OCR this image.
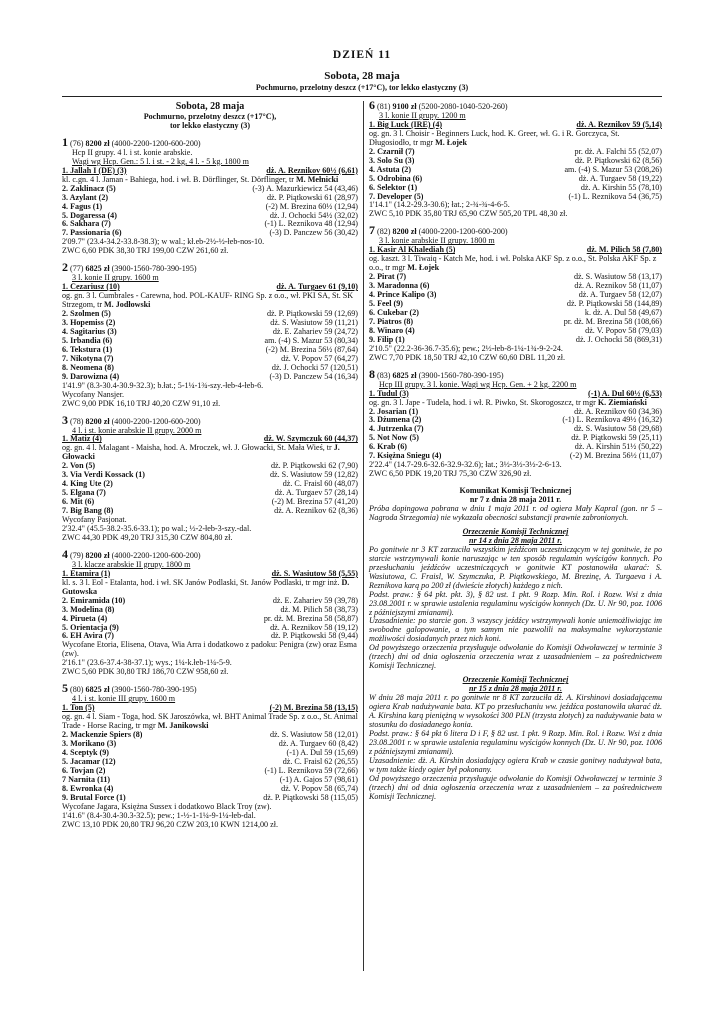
DZIEŃ 11
Sobota, 28 maja
Pochmurno, przelotny deszcz (+17°C), tor lekko elastyczny (3)
Sobota, 28 maja
Pochmurno, przelotny deszcz (+17°C),
tor lekko elastyczny (3)
1 (76) 8200 zł (4000-2200-1200-600-200)
Hcp II grupy. 4 l. i st. konie arabskie.
Wagi wg Hcp. Gen.: 5 l. i st. - 2 kg, 4 l. - 5 kg. 1800 m
1. Jallah I (DE) (3)	dż. A. Reznikov 60½ (6,61)
kl. c.gn. 4 l. Jaman - Bahiega, hod. i wł. B. Dörflinger, St. Dörflinger, tr M. Mełnicki
2. Zaklinacz (5)	(-3) A. Mazurkiewicz 54 (43,46)
3. Azylant (2)	dż. P. Piątkowski 61 (28,97)
4. Fagus (1)	(-2) M. Brezina 60½ (12,94)
5. Dogaressa (4)	dż. J. Ochocki 54½ (32,02)
6. Sakhara (7)	(-1) L. Reznikova 48 (12,94)
7. Passionaria (6)	(-3) D. Panczew 56 (30,42)
2'09.7" (23.4-34.2-33.8-38.3); w wal.; kł.eb-2½-½-łeb-nos-10.
ZWC 6,60 PDK 38,30 TRJ 199,00 CZW 261,60 zł.
2 (77) 6825 zł (3900-1560-780-390-195)
3 l. konie II grupy. 1600 m
1. Cezariusz (10)	dż. A. Turgaev 61 (9,10)
og. gn. 3 l. Cumbrales - Carewna, hod. POL-KAUF- RING Sp. z o.o., wł. PKI SA, St. SK Strzegom, tr M. Jodłowski
2. Szolmen (5)	dż. P. Piątkowski 59 (12,69)
3. Hopemiss (2)	dż. S. Wasiutow 59 (11,21)
4. Sagitarius (3)	dż. E. Zahariev 59 (24,72)
5. Irbandia (6)	am. (-4) S. Mazur 53 (80,34)
6. Tekstura (1)	(-2) M. Brezina 56½ (87,64)
7. Nikotyna (7)	dż. V. Popov 57 (64,27)
8. Neomena (8)	dż. J. Ochocki 57 (120,51)
9. Darowizna (4)	(-3) D. Panczew 54 (16,34)
1'41.9" (8.3-30.4-30.9-32.3); b.łat.; 5-1¼-1¾-szy.-łeb-4-łeb-6.
Wycofany Nansjer.
ZWC 9,00 PDK 16,10 TRJ 40,20 CZW 91,10 zł.
3 (78) 8200 zł (4000-2200-1200-600-200)
4 l. i st. konie arabskie II grupy. 2000 m
1. Matiz (4)	dż. W. Szymczuk 60 (44,37)
og. gn. 4 l. Malagant - Maisha, hod. A. Mroczek, wł. J. Głowacki, St. Mała Wieś, tr J. Głowacki
2. Von (5)	dż. P. Piątkowski 62 (7,90)
3. Via Verdi Kossack (1)	dż. S. Wasiutow 59 (12,82)
4. King Ute (2)	dż. C. Fraisl 60 (48,07)
5. Elgana (7)	dż. A. Turgaev 57 (28,14)
6. Mit (6)	(-2) M. Brezina 57 (41,20)
7. Big Bang (8)	dż. A. Reznikov 62 (8,36)
Wycofany Pasjonat.
2'32.4" (45.5-38.2-35.6-33.1); po wal.; ½-2-łeb-3-szy.-dal.
ZWC 44,30 PDK 49,20 TRJ 315,30 CZW 804,80 zł.
4 (79) 8200 zł (4000-2200-1200-600-200)
3 l. klacze arabskie II grupy. 1800 m
1. Etamira (1)	dż. S. Wasiutow 58 (5,55)
kl. s. 3 l. Eol - Etalanta, hod. i wł. SK Janów Podlaski, St. Janów Podlaski, tr mgr inż. D. Gutowska
2. Emiramida (10)	dż. E. Zahariev 59 (39,78)
3. Modelina (8)	dż. M. Pilich 58 (38,73)
4. Pirueta (4)	pr. dż. M. Brezina 58 (58,87)
5. Orientacja (9)	dż. A. Reznikov 58 (19,12)
6. EH Avira (7)	dż. P. Piątkowski 58 (9,44)
Wycofane Etoria, Elisena, Otava, Wia Arra i dodatkowo z padoku: Penigra (zw) oraz Esma (zw).
2'16.1" (23.6-37.4-38-37.1); wys.; 1¼-k.łeb-1¼-5-9.
ZWC 5,60 PDK 30,80 TRJ 186,70 CZW 958,60 zł.
5 (80) 6825 zł (3900-1560-780-390-195)
4 l. i st. konie III grupy. 1600 m
1. Ton (5)	(-2) M. Brezina 58 (13,15)
og. gn. 4 l. Siam - Toga, hod. SK Jaroszówka, wł. BHT Animal Trade Sp. z o.o., St. Animal Trade - Horse Racing, tr mgr M. Janikowski
2. Mackenzie Spiers (8)	dż. S. Wasiutow 58 (12,01)
3. Morikano (3)	dż. A. Turgaev 60 (8,42)
4. Sceptyk (9)	(-1) A. Dul 59 (15,69)
5. Jacamar (12)	dż. C. Fraisl 62 (26,55)
6. Tovjan (2)	(-1) L. Reznikova 59 (72,66)
7 Narnita (11)	(-1) A. Gajos 57 (98,61)
8. Ewronka (4)	dż. V. Popov 58 (65,74)
9. Brutal Force (1)	dż. P. Piątkowski 58 (115,05)
Wycofane Jagara, Księżna Sussex i dodatkowo Black Troy (zw).
1'41.6" (8.4-30.4-30.3-32.5); pew.; 1-½-1-1¼-9-1¼-łeb-dal.
ZWC 13,10 PDK 20,80 TRJ 96,20 CZW 203,10 KWN 1214,00 zł.
6 (81) 9100 zł (5200-2080-1040-520-260)
3 l. konie II grupy. 1200 m
1. Big Luck (IRE) (4)	dż. A. Reznikov 59 (5,14)
og. gn. 3 l. Choisir - Beginners Luck, hod. K. Greer, wł. G. i R. Gorczyca, St. Długosiodło, tr mgr M. Łojek
2. Czarnił (7)	pr. dż. A. Falchi 55 (52,07)
3. Solo Su (3)	dż. P. Piątkowski 62 (8,56)
4. Astuta (2)	am. (-4) S. Mazur 53 (208,26)
5. Odrobina (6)	dż. A. Turgaev 58 (19,22)
6. Selektor (1)	dż. A. Kirshin 55 (78,10)
7. Developer (5)	(-1) L. Reznikova 54 (36,75)
1'14.1" (14.2-29.3-30.6); łat.; 2-¾-¾-4-6-5.
ZWC 5,10 PDK 35,80 TRJ 65,90 CZW 505,20 TPL 48,30 zł.
7 (82) 8200 zł (4000-2200-1200-600-200)
3 l. konie arabskie II grupy. 1800 m
1. Kasir Al Khalediah (5)	dż. M. Pilich 58 (7,80)
og. kaszt. 3 l. Tiwaiq - Katch Me, hod. i wł. Polska AKF Sp. z o.o., St. Polska AKF Sp. z o.o., tr mgr M. Łojek
2. Pirat (7)	dż. S. Wasiutow 58 (13,17)
3. Maradonna (6)	dż. A. Reznikov 58 (11,07)
4. Prince Kalipo (3)	dż. A. Turgaev 58 (12,07)
5. Feel (9)	dż. P. Piątkowski 58 (144,89)
6. Cukebar (2)	k. dż. A. Dul 58 (49,67)
7. Piatros (8)	pr. dż. M. Brezina 58 (108,66)
8. Winaro (4)	dż. V. Popov 58 (79,03)
9. Filip (1)	dż. J. Ochocki 58 (869,31)
2'10.5" (22.2-36-36.7-35.6); pew.; 2½-łeb-8-1¼-1¾-9-2-24.
ZWC 7,70 PDK 18,50 TRJ 42,10 CZW 60,60 DBL 11,20 zł.
8 (83) 6825 zł (3900-1560-780-390-195)
Hcp III grupy. 3 l. konie. Wagi wg Hcp. Gen. + 2 kg. 2200 m
1. Tudul (3)	(-1) A. Dul 60½ (6,53)
og. gn. 3 l. Jape - Tudela, hod. i wł. R. Piwko, St. Skorogoszcz, tr mgr K. Ziemiański
2. Josarian (1)	dż. A. Reznikov 60 (34,36)
3. Dżumena (2)	(-1) L. Reznikova 49½ (16,32)
4. Jutrzenka (7)	dż. S. Wasiutow 58 (29,68)
5. Not Now (5)	dż. P. Piątkowski 59 (25,11)
6. Krab (6)	dż. A. Kirshin 51½ (50,22)
7. Księżna Śniegu (4)	(-2) M. Brezina 56½ (11,07)
2'22.4" (14.7-29.6-32.6-32.9-32.6); łat.; 3½-3½-3½-2-6-13.
ZWC 6,50 PDK 19,20 TRJ 75,30 CZW 326,90 zł.
Komunikat Komisji Technicznej
nr 7 z dnia 28 maja 2011 r.
Próba dopingowa pobrana w dniu 1 maja 2011 r. od ogiera Mały Kapral (gon. nr 5 – Nagroda Strzegomia) nie wykazała obecności substancji prawnie zabronionych.
Orzeczenie Komisji Technicznej
nr 14 z dnia 28 maja 2011 r.
Po gonitwie nr 3 KT zarzuciła wszystkim jeźdźcom uczestniczącym w tej gonitwie, że po starcie wstrzymywali konie naruszając w ten sposób regulamin wyścigów konnych. Po przesłuchaniu jeźdźców uczestniczących w gonitwie KT postanowiła ukarać: S. Wasiutowa, C. Fraisl, W. Szymczuka, P. Piątkowskiego, M. Brezinę, A. Turgaeva i A. Reznikova karą po 200 zł (dwieście złotych) każdego z nich.
Podst. praw.: § 64 pkt. pkt. 3), § 82 ust. 1 pkt. 9 Rozp. Min. Rol. i Rozw. Wsi z dnia 23.08.2001 r. w sprawie ustalenia regulaminu wyścigów konnych (Dz. U. Nr 90, poz. 1006 z późniejszymi zmianami).
Uzasadnienie: po starcie gon. 3 wszyscy jeźdźcy wstrzymywali konie uniemożliwiając im swobodne galopowanie, a tym samym nie pozwolili na maksymalne wykorzystanie możliwości dosiadanych przez nich koni.
Od powyższego orzeczenia przysługuje odwołanie do Komisji Odwoławczej w terminie 3 (trzech) dni od dnia ogłoszenia orzeczenia wraz z uzasadnieniem – za pośrednictwem Komisji Technicznej.
Orzeczenie Komisji Technicznej
nr 15 z dnia 28 maja 2011 r.
W dniu 28 maja 2011 r. po gonitwie nr 8 KT zarzuciła dż. A. Kirshinovi dosiadającemu ogiera Krab nadużywanie bata. KT po przesłuchaniu ww. jeźdźca postanowiła ukarać dż. A. Kirshina karą pieniężną w wysokości 300 PLN (trzysta złotych) za nadużywanie bata w stosunku do dosiadanego konia.
Podst. praw.: § 64 pkt 6 litera D i F, § 82 ust. 1 pkt. 9 Rozp. Min. Rol. i Rozw. Wsi z dnia 23.08.2001 r. w sprawie ustalenia regulaminu wyścigów konnych (Dz. U. Nr 90, poz. 1006 z późniejszymi zmianami).
Uzasadnienie: dż. A. Kirshin dosiadający ogiera Krab w czasie gonitwy nadużywał bata, w tym także kiedy ogier był pokonany.
Od powyższego orzeczenia przysługuje odwołanie do Komisji Odwoławczej w terminie 3 (trzech) dni od dnia ogłoszenia orzeczenia wraz z uzasadnieniem – za pośrednictwem Komisji Technicznej.
